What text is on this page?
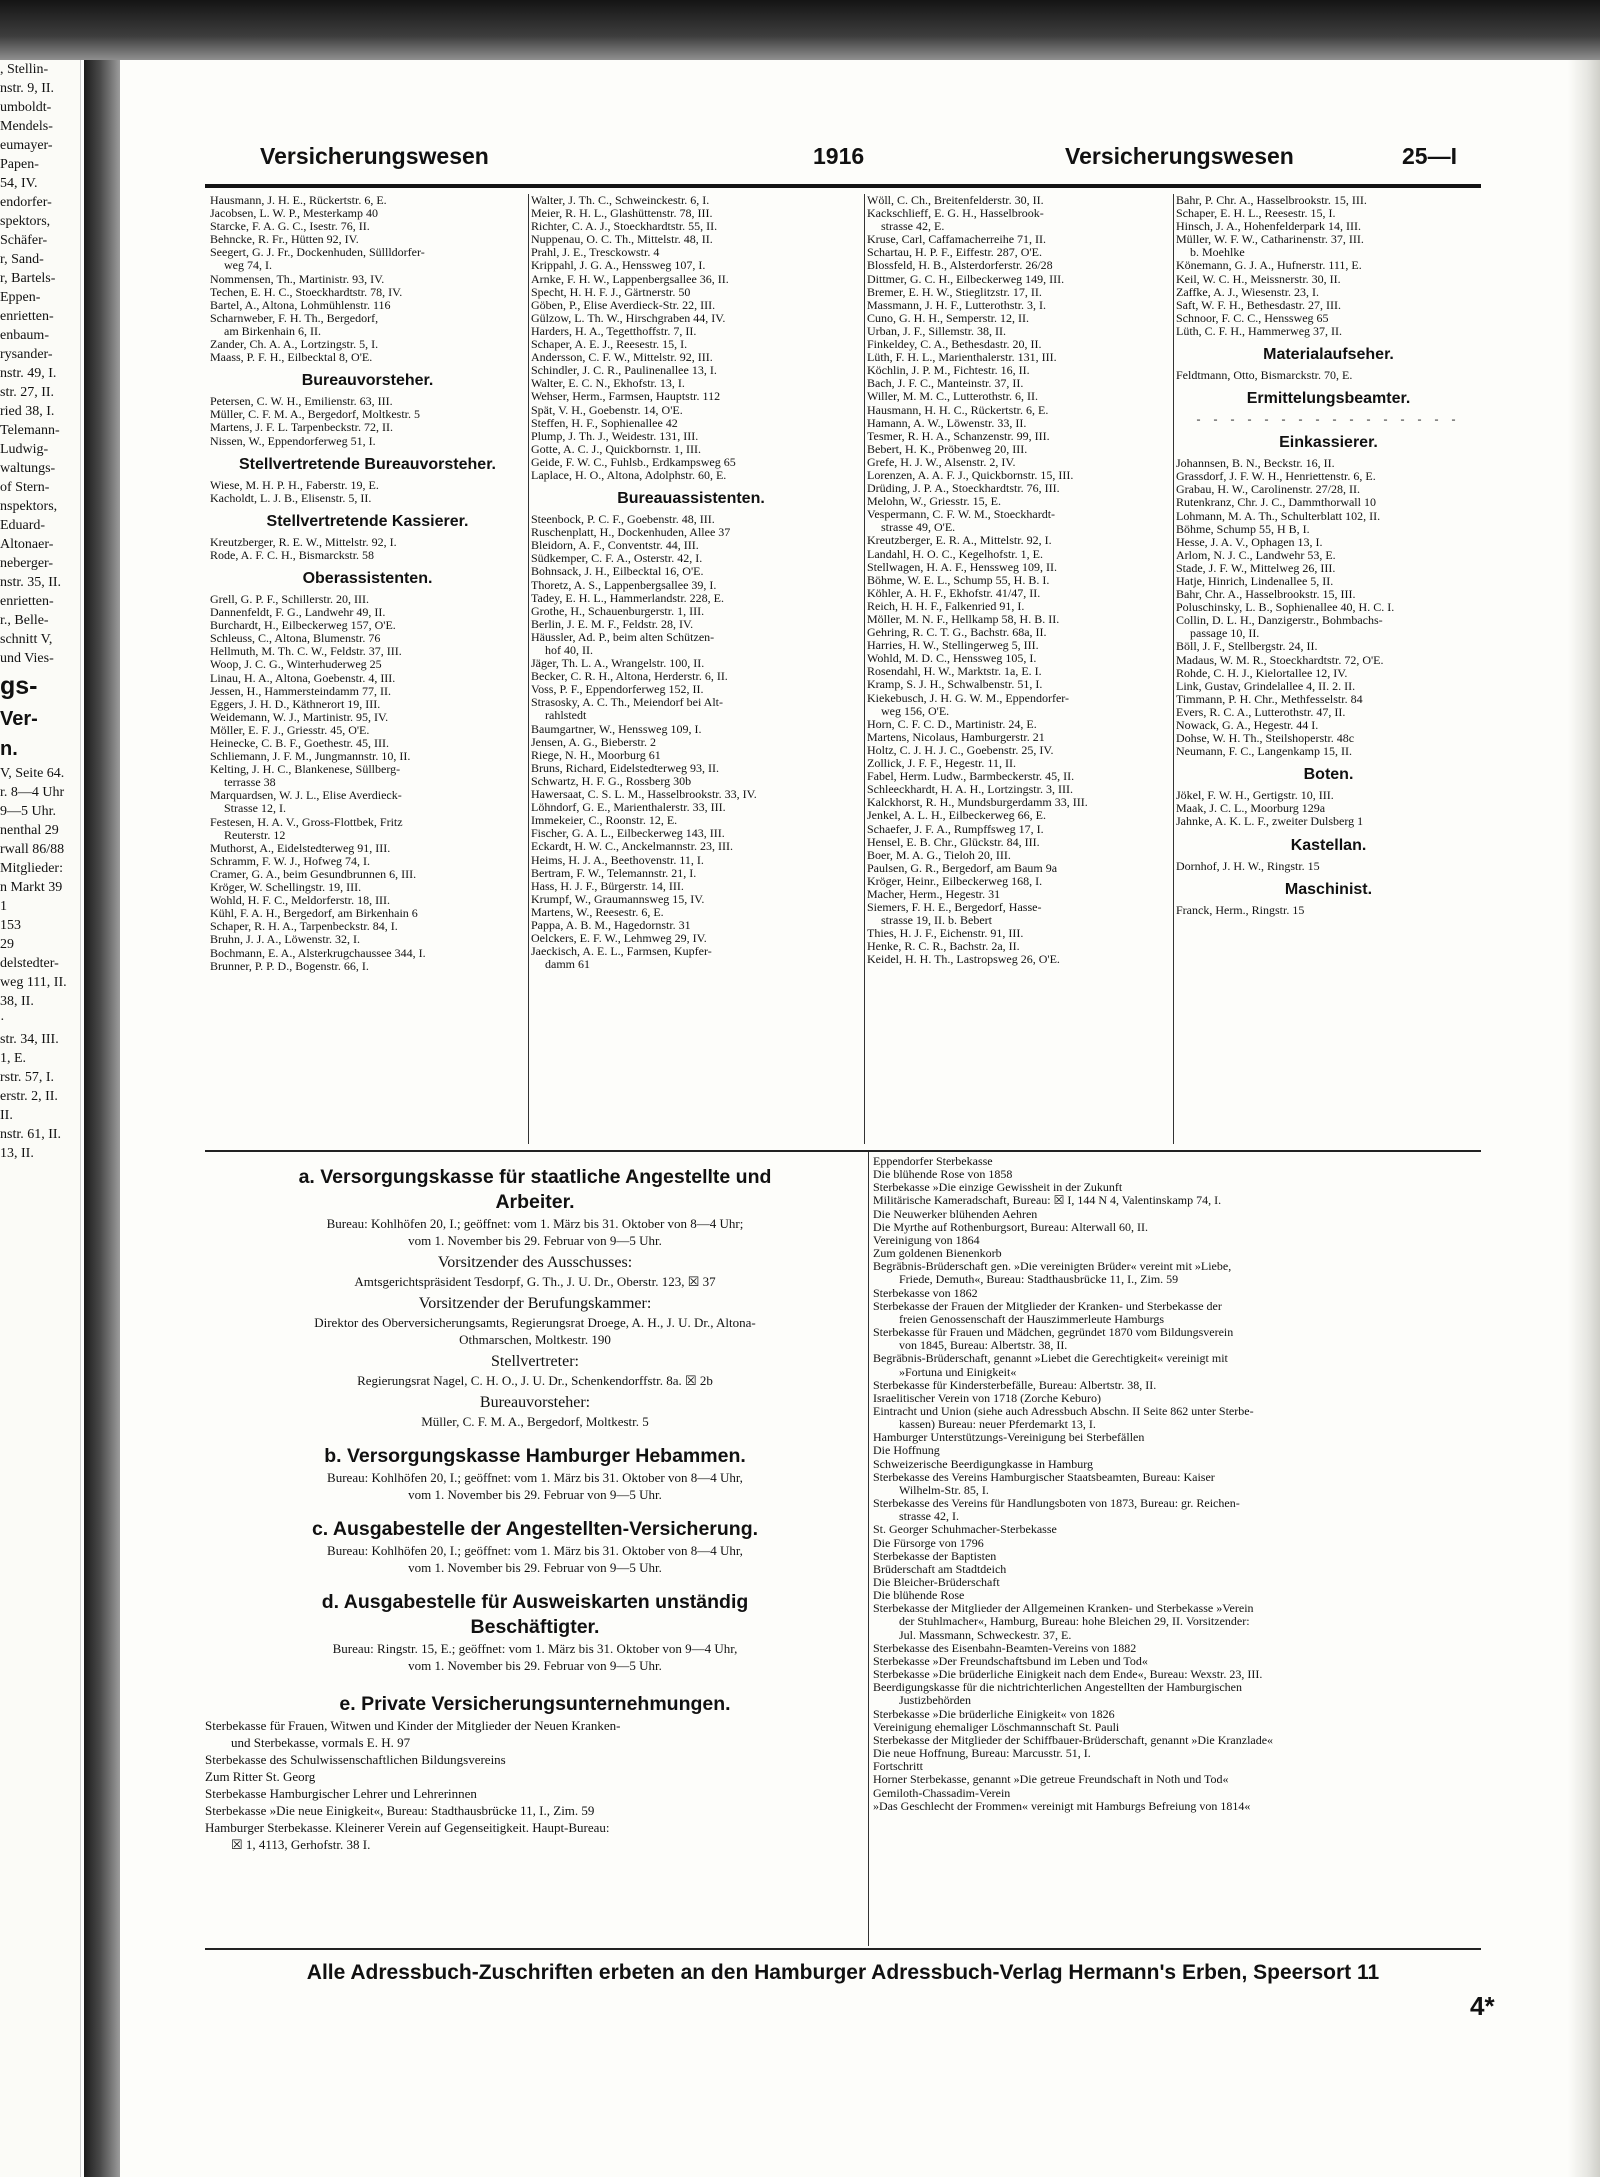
, Stellin-

nstr. 9, II.

umboldt-

Mendels-

eumayer-

Papen-

54, IV.

endorfer-

spektors,

Schäfer-

r, Sand-

r, Bartels-

Eppen-

enrietten-

enbaum-

rysander-

nstr. 49, I.

str. 27, II.

ried 38, I.

Telemann-

Ludwig-

waltungs-

of Stern-

nspektors,

Eduard-

Altonaer-

neberger-

nstr. 35, II.

enrietten-

r., Belle-

schnitt V,

und Vies-

gs-

Ver-

n.

V, Seite 64.

r. 8—4 Uhr

9—5 Uhr.

nenthal 29

rwall 86/88

Mitglieder:

n Markt 39

1

153

29

delstedter-

weg 111, II.

38, II.

·

str. 34, III.

1, E.

rstr. 57, I.

erstr. 2, II.

II.

nstr. 61, II.

13, II.

Versicherungswesen	1916	Versicherungswesen	25—I

Hausmann, J. H. E., Rückertstr. 6, E.

Jacobsen, L. W. P., Mesterkamp 40

Starcke, F. A. G. C., Isestr. 76, II.

Behncke, R. Fr., Hütten 92, IV.

Seegert, G. J. Fr., Dockenhuden, Süllldorfer-

weg 74, I.

Nommensen, Th., Martinistr. 93, IV.

Techen, E. H. C., Stoeckhardtstr. 78, IV.

Bartel, A., Altona, Lohmühlenstr. 116

Scharnweber, F. H. Th., Bergedorf,

am Birkenhain 6, II.

Zander, Ch. A. A., Lortzingstr. 5, I.

Maass, P. F. H., Eilbecktal 8, O'E.

Bureauvorsteher.

Petersen, C. W. H., Emilienstr. 63, III.

Müller, C. F. M. A., Bergedorf, Moltkestr. 5

Martens, J. F. L. Tarpenbeckstr. 72, II.

Nissen, W., Eppendorferweg 51, I.

Stellvertretende Bureauvorsteher.

Wiese, M. H. P. H., Faberstr. 19, E.

Kacholdt, L. J. B., Elisenstr. 5, II.

Stellvertretende Kassierer.

Kreutzberger, R. E. W., Mittelstr. 92, I.

Rode, A. F. C. H., Bismarckstr. 58

Oberassistenten.

Grell, G. P. F., Schillerstr. 20, III.

Dannenfeldt, F. G., Landwehr 49, II.

Burchardt, H., Eilbeckerweg 157, O'E.

Schleuss, C., Altona, Blumenstr. 76

Hellmuth, M. Th. C. W., Feldstr. 37, III.

Woop, J. C. G., Winterhuderweg 25

Linau, H. A., Altona, Goebenstr. 4, III.

Jessen, H., Hammersteindamm 77, II.

Eggers, J. H. D., Käthnerort 19, III.

Weidemann, W. J., Martinistr. 95, IV.

Möller, E. F. J., Griesstr. 45, O'E.

Heinecke, C. B. F., Goethestr. 45, III.

Schliemann, J. F. M., Jungmannstr. 10, II.

Kelting, J. H. C., Blankenese, Süllberg-

terrasse 38

Marquardsen, W. J. L., Elise Averdieck-

Strasse 12, I.

Festesen, H. A. V., Gross-Flottbek, Fritz

Reuterstr. 12

Muthorst, A., Eidelstedterweg 91, III.

Schramm, F. W. J., Hofweg 74, I.

Cramer, G. A., beim Gesundbrunnen 6, III.

Kröger, W. Schellingstr. 19, III.

Wohld, H. F. C., Meldorferstr. 18, III.

Kühl, F. A. H., Bergedorf, am Birkenhain 6

Schaper, R. H. A., Tarpenbeckstr. 84, I.

Bruhn, J. J. A., Löwenstr. 32, I.

Bochmann, E. A., Alsterkrugchaussee 344, I.

Brunner, P. P. D., Bogenstr. 66, I.

Walter, J. Th. C., Schweinckestr. 6, I.

Meier, R. H. L., Glashüttenstr. 78, III.

Richter, C. A. J., Stoeckhardtstr. 55, II.

Nuppenau, O. C. Th., Mittelstr. 48, II.

Prahl, J. E., Tresckowstr. 4

Krippahl, J. G. A., Henssweg 107, I.

Arnke, F. H. W., Lappenbergsallee 36, II.

Specht, H. H. F. J., Gärtnerstr. 50

Göben, P., Elise Averdieck-Str. 22, III.

Gülzow, L. Th. W., Hirschgraben 44, IV.

Harders, H. A., Tegetthoffstr. 7, II.

Schaper, A. E. J., Reesestr. 15, I.

Andersson, C. F. W., Mittelstr. 92, III.

Schindler, J. C. R., Paulinenallee 13, I.

Walter, E. C. N., Ekhofstr. 13, I.

Wehser, Herm., Farmsen, Hauptstr. 112

Spät, V. H., Goebenstr. 14, O'E.

Steffen, H. F., Sophienallee 42

Plump, J. Th. J., Weidestr. 131, III.

Gotte, A. C. J., Quickbornstr. 1, III.

Geide, F. W. C., Fuhlsb., Erdkampsweg 65

Laplace, H. O., Altona, Adolphstr. 60, E.

Bureauassistenten.

Steenbock, P. C. F., Goebenstr. 48, III.

Ruschenplatt, H., Dockenhuden, Allee 37

Bleidorn, A. F., Conventstr. 44, III.

Südkemper, C. F. A., Osterstr. 42, I.

Bohnsack, J. H., Eilbecktal 16, O'E.

Thoretz, A. S., Lappenbergsallee 39, I.

Tadey, E. H. L., Hammerlandstr. 228, E.

Grothe, H., Schauenburgerstr. 1, III.

Berlin, J. E. M. F., Feldstr. 28, IV.

Häussler, Ad. P., beim alten Schützen-

hof 40, II.

Jäger, Th. L. A., Wrangelstr. 100, II.

Becker, C. R. H., Altona, Herderstr. 6, II.

Voss, P. F., Eppendorferweg 152, II.

Strasosky, A. C. Th., Meiendorf bei Alt-

rahlstedt

Baumgartner, W., Henssweg 109, I.

Jensen, A. G., Bieberstr. 2

Riege, N. H., Moorburg 61

Bruns, Richard, Eidelstedterweg 93, II.

Schwartz, H. F. G., Rossberg 30b

Hawersaat, C. S. L. M., Hasselbrookstr. 33, IV.

Löhndorf, G. E., Marienthalerstr. 33, III.

Immekeier, C., Roonstr. 12, E.

Fischer, G. A. L., Eilbeckerweg 143, III.

Eckardt, H. W. C., Anckelmannstr. 23, III.

Heims, H. J. A., Beethovenstr. 11, I.

Bertram, F. W., Telemannstr. 21, I.

Hass, H. J. F., Bürgerstr. 14, III.

Krumpf, W., Graumannsweg 15, IV.

Martens, W., Reesestr. 6, E.

Pappa, A. B. M., Hagedornstr. 31

Oelckers, E. F. W., Lehmweg 29, IV.

Jaeckisch, A. E. L., Farmsen, Kupfer-

damm 61

Wöll, C. Ch., Breitenfelderstr. 30, II.

Kackschlieff, E. G. H., Hasselbrook-

strasse 42, E.

Kruse, Carl, Caffamacherreihe 71, II.

Schartau, H. P. F., Eiffestr. 287, O'E.

Blossfeld, H. B., Alsterdorferstr. 26/28

Dittmer, G. C. H., Eilbeckerweg 149, III.

Bremer, E. H. W., Stieglitzstr. 17, II.

Massmann, J. H. F., Lutterothstr. 3, I.

Cuno, G. H. H., Semperstr. 12, II.

Urban, J. F., Sillemstr. 38, II.

Finkeldey, C. A., Bethesdastr. 20, II.

Lüth, F. H. L., Marienthalerstr. 131, III.

Köchlin, J. P. M., Fichtestr. 16, II.

Bach, J. F. C., Manteinstr. 37, II.

Willer, M. M. C., Lutterothstr. 6, II.

Hausmann, H. H. C., Rückertstr. 6, E.

Hamann, A. W., Löwenstr. 33, II.

Tesmer, R. H. A., Schanzenstr. 99, III.

Bebert, H. K., Pröbenweg 20, III.

Grefe, H. J. W., Alsenstr. 2, IV.

Lorenzen, A. A. F. J., Quickbornstr. 15, III.

Drüding, J. P. A., Stoeckhardtstr. 76, III.

Melohn, W., Griesstr. 15, E.

Vespermann, C. F. W. M., Stoeckhardt-

strasse 49, O'E.

Kreutzberger, E. R. A., Mittelstr. 92, I.

Landahl, H. O. C., Kegelhofstr. 1, E.

Stellwagen, H. A. F., Henssweg 109, II.

Böhme, W. E. L., Schump 55, H. B. I.

Köhler, A. H. F., Ekhofstr. 41/47, II.

Reich, H. H. F., Falkenried 91, I.

Möller, M. N. F., Hellkamp 58, H. B. II.

Gehring, R. C. T. G., Bachstr. 68a, II.

Harries, H. W., Stellingerweg 5, III.

Wohld, M. D. C., Henssweg 105, I.

Rosendahl, H. W., Marktstr. 1a, E. I.

Kramp, S. J. H., Schwalbenstr. 51, I.

Kiekebusch, J. H. G. W. M., Eppendorfer-

weg 156, O'E.

Horn, C. F. C. D., Martinistr. 24, E.

Martens, Nicolaus, Hamburgerstr. 21

Holtz, C. J. H. J. C., Goebenstr. 25, IV.

Zollick, J. F. F., Hegestr. 11, II.

Fabel, Herm. Ludw., Barmbeckerstr. 45, II.

Schleeckhardt, H. A. H., Lortzingstr. 3, III.

Kalckhorst, R. H., Mundsburgerdamm 33, III.

Jenkel, A. L. H., Eilbeckerweg 66, E.

Schaefer, J. F. A., Rumpffsweg 17, I.

Hensel, E. B. Chr., Glückstr. 84, III.

Boer, M. A. G., Tieloh 20, III.

Paulsen, G. R., Bergedorf, am Baum 9a

Kröger, Heinr., Eilbeckerweg 168, I.

Macher, Herm., Hegestr. 31

Siemers, F. H. E., Bergedorf, Hasse-

strasse 19, II. b. Bebert

Thies, H. J. F., Eichenstr. 91, III.

Henke, R. C. R., Bachstr. 2a, II.

Keidel, H. H. Th., Lastropsweg 26, O'E.

Bahr, P. Chr. A., Hasselbrookstr. 15, III.

Schaper, E. H. L., Reesestr. 15, I.

Hinsch, J. A., Hohenfelderpark 14, III.

Müller, W. F. W., Catharinenstr. 37, III.

b. Moehlke

Könemann, G. J. A., Hufnerstr. 111, E.

Keil, W. C. H., Meissnerstr. 30, II.

Zaffke, A. J., Wiesenstr. 23, I.

Saft, W. F. H., Bethesdastr. 27, III.

Schnoor, F. C. C., Henssweg 65

Lüth, C. F. H., Hammerweg 37, II.

Materialaufseher.

Feldtmann, Otto, Bismarckstr. 70, E.

Ermittelungsbeamter.

- - - - - - - - - - - - - - - -

Einkassierer.

Johannsen, B. N., Beckstr. 16, II.

Grassdorf, J. F. W. H., Henriettenstr. 6, E.

Grabau, H. W., Carolinenstr. 27/28, II.

Rutenkranz, Chr. J. C., Dammthorwall 10

Lohmann, M. A. Th., Schulterblatt 102, II.

Böhme, Schump 55, H B, I.

Hesse, J. A. V., Ophagen 13, I.

Arlom, N. J. C., Landwehr 53, E.

Stade, J. F. W., Mittelweg 26, III.

Hatje, Hinrich, Lindenallee 5, II.

Bahr, Chr. A., Hasselbrookstr. 15, III.

Poluschinsky, L. B., Sophienallee 40, H. C. I.

Collin, D. L. H., Danzigerstr., Bohmbachs-

passage 10, II.

Böll, J. F., Stellbergstr. 24, II.

Madaus, W. M. R., Stoeckhardtstr. 72, O'E.

Rohde, C. H. J., Kielortallee 12, IV.

Link, Gustav, Grindelallee 4, II. 2. II.

Timmann, P. H. Chr., Methfesselstr. 84

Evers, R. C. A., Lutterothstr. 47, II.

Nowack, G. A., Hegestr. 44 I.

Dohse, W. H. Th., Steilshoperstr. 48c

Neumann, F. C., Langenkamp 15, II.

Boten.

Jökel, F. W. H., Gertigstr. 10, III.

Maak, J. C. L., Moorburg 129a

Jahnke, A. K. L. F., zweiter Dulsberg 1

Kastellan.

Dornhof, J. H. W., Ringstr. 15

Maschinist.

Franck, Herm., Ringstr. 15

a. Versorgungskasse für staatliche Angestellte und

Arbeiter.

Bureau: Kohlhöfen 20, I.; geöffnet: vom 1. März bis 31. Oktober von 8—4 Uhr;

vom 1. November bis 29. Februar von 9—5 Uhr.

Vorsitzender des Ausschusses:

Amtsgerichtspräsident Tesdorpf, G. Th., J. U. Dr., Oberstr. 123, ☒ 37

Vorsitzender der Berufungskammer:

Direktor des Oberversicherungsamts, Regierungsrat Droege, A. H., J. U. Dr., Altona-

Othmarschen, Moltkestr. 190

Stellvertreter:

Regierungsrat Nagel, C. H. O., J. U. Dr., Schenkendorffstr. 8a. ☒ 2b

Bureauvorsteher:

Müller, C. F. M. A., Bergedorf, Moltkestr. 5

b. Versorgungskasse Hamburger Hebammen.

Bureau: Kohlhöfen 20, I.; geöffnet: vom 1. März bis 31. Oktober von 8—4 Uhr,

vom 1. November bis 29. Februar von 9—5 Uhr.

c. Ausgabestelle der Angestellten-Versicherung.

Bureau: Kohlhöfen 20, I.; geöffnet: vom 1. März bis 31. Oktober von 8—4 Uhr,

vom 1. November bis 29. Februar von 9—5 Uhr.

d. Ausgabestelle für Ausweiskarten unständig

Beschäftigter.

Bureau: Ringstr. 15, E.; geöffnet: vom 1. März bis 31. Oktober von 9—4 Uhr,

vom 1. November bis 29. Februar von 9—5 Uhr.

e. Private Versicherungsunternehmungen.

Sterbekasse für Frauen, Witwen und Kinder der Mitglieder der Neuen Kranken-

und Sterbekasse, vormals E. H. 97

Sterbekasse des Schulwissenschaftlichen Bildungsvereins

Zum Ritter St. Georg

Sterbekasse Hamburgischer Lehrer und Lehrerinnen

Sterbekasse »Die neue Einigkeit«, Bureau: Stadthausbrücke 11, I., Zim. 59

Hamburger Sterbekasse. Kleinerer Verein auf Gegenseitigkeit. Haupt-Bureau:

☒ 1, 4113, Gerhofstr. 38 I.

Eppendorfer Sterbekasse

Die blühende Rose von 1858

Sterbekasse »Die einzige Gewissheit in der Zukunft

Militärische Kameradschaft, Bureau: ☒ I, 144 N 4, Valentinskamp 74, I.

Die Neuwerker blühenden Aehren

Die Myrthe auf Rothenburgsort, Bureau: Alterwall 60, II.

Vereinigung von 1864

Zum goldenen Bienenkorb

Begräbnis-Brüderschaft gen. »Die vereinigten Brüder« vereint mit »Liebe,

Friede, Demuth«, Bureau: Stadthausbrücke 11, I., Zim. 59

Sterbekasse von 1862

Sterbekasse der Frauen der Mitglieder der Kranken- und Sterbekasse der

freien Genossenschaft der Hauszimmerleute Hamburgs

Sterbekasse für Frauen und Mädchen, gegründet 1870 vom Bildungsverein

von 1845, Bureau: Albertstr. 38, II.

Begräbnis-Brüderschaft, genannt »Liebet die Gerechtigkeit« vereinigt mit

»Fortuna und Einigkeit«

Sterbekasse für Kindersterbefälle, Bureau: Albertstr. 38, II.

Israelitischer Verein von 1718 (Zorche Keburo)

Eintracht und Union (siehe auch Adressbuch Abschn. II Seite 862 unter Sterbe-

kassen) Bureau: neuer Pferdemarkt 13, I.

Hamburger Unterstützungs-Vereinigung bei Sterbefällen

Die Hoffnung

Schweizerische Beerdigungkasse in Hamburg

Sterbekasse des Vereins Hamburgischer Staatsbeamten, Bureau: Kaiser

Wilhelm-Str. 85, I.

Sterbekasse des Vereins für Handlungsboten von 1873, Bureau: gr. Reichen-

strasse 42, I.

St. Georger Schuhmacher-Sterbekasse

Die Fürsorge von 1796

Sterbekasse der Baptisten

Brüderschaft am Stadtdeich

Die Bleicher-Brüderschaft

Die blühende Rose

Sterbekasse der Mitglieder der Allgemeinen Kranken- und Sterbekasse »Verein

der Stuhlmacher«, Hamburg, Bureau: hohe Bleichen 29, II. Vorsitzender:

Jul. Massmann, Schweckestr. 37, E.

Sterbekasse des Eisenbahn-Beamten-Vereins von 1882

Sterbekasse »Der Freundschaftsbund im Leben und Tod«

Sterbekasse »Die brüderliche Einigkeit nach dem Ende«, Bureau: Wexstr. 23, III.

Beerdigungskasse für die nichtrichterlichen Angestellten der Hamburgischen

Justizbehörden

Sterbekasse »Die brüderliche Einigkeit« von 1826

Vereinigung ehemaliger Löschmannschaft St. Pauli

Sterbekasse der Mitglieder der Schiffbauer-Brüderschaft, genannt »Die Kranzlade«

Die neue Hoffnung, Bureau: Marcusstr. 51, I.

Fortschritt

Horner Sterbekasse, genannt »Die getreue Freundschaft in Noth und Tod«

Gemiloth-Chassadim-Verein

»Das Geschlecht der Frommen« vereinigt mit Hamburgs Befreiung von 1814«

Alle Adressbuch-Zuschriften erbeten an den Hamburger Adressbuch-Verlag Hermann's Erben, Speersort 11
4*
